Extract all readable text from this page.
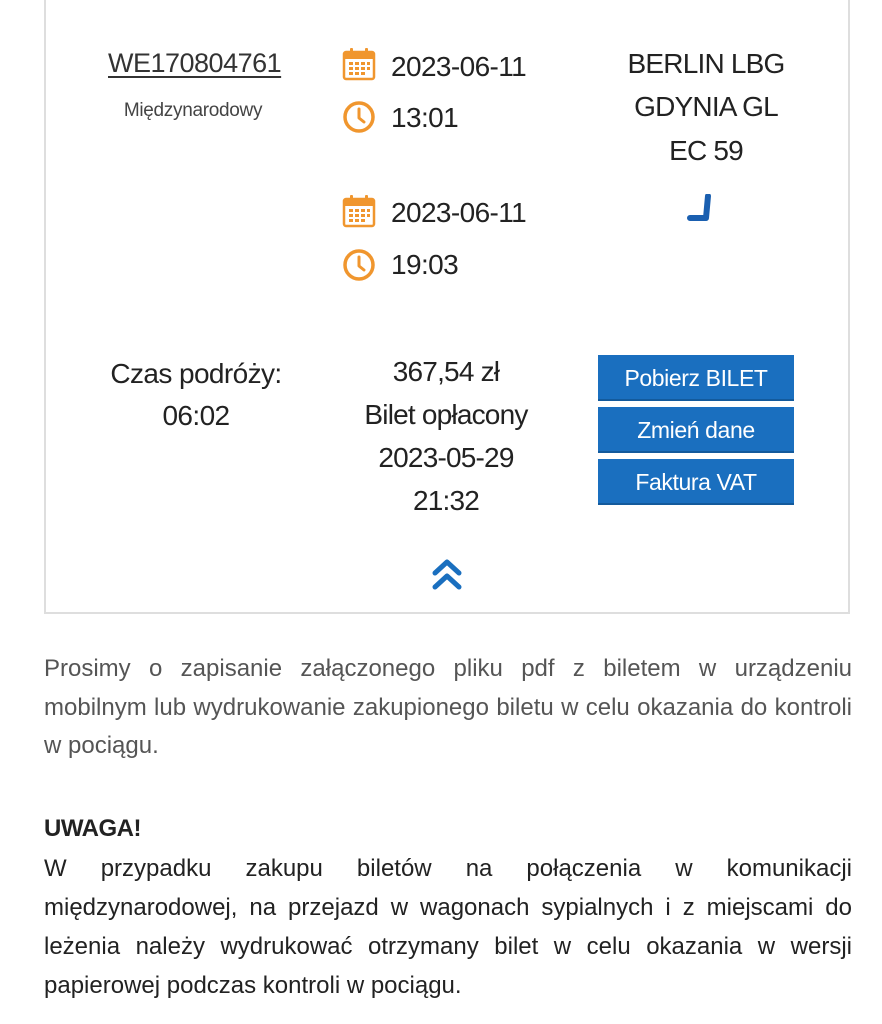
WE170804761
Międzynarodowy
2023-06-11
13:01
2023-06-11
19:03
BERLIN LBG
GDYNIA GL
EC 59
Czas podróży:
06:02
367,54 zł
Bilet opłacony
2023-05-29
21:32
Pobierz BILET
Zmień dane
Faktura VAT
Prosimy o zapisanie załączonego pliku pdf z biletem w urządzeniu mobilnym lub wydrukowanie zakupionego biletu w celu okazania do kontroli w pociągu.
UWAGA!
W przypadku zakupu biletów na połączenia w komunikacji międzynarodowej, na przejazd w wagonach sypialnych i z miejscami do leżenia należy wydrukować otrzymany bilet w celu okazania w wersji papierowej podczas kontroli w pociągu.
